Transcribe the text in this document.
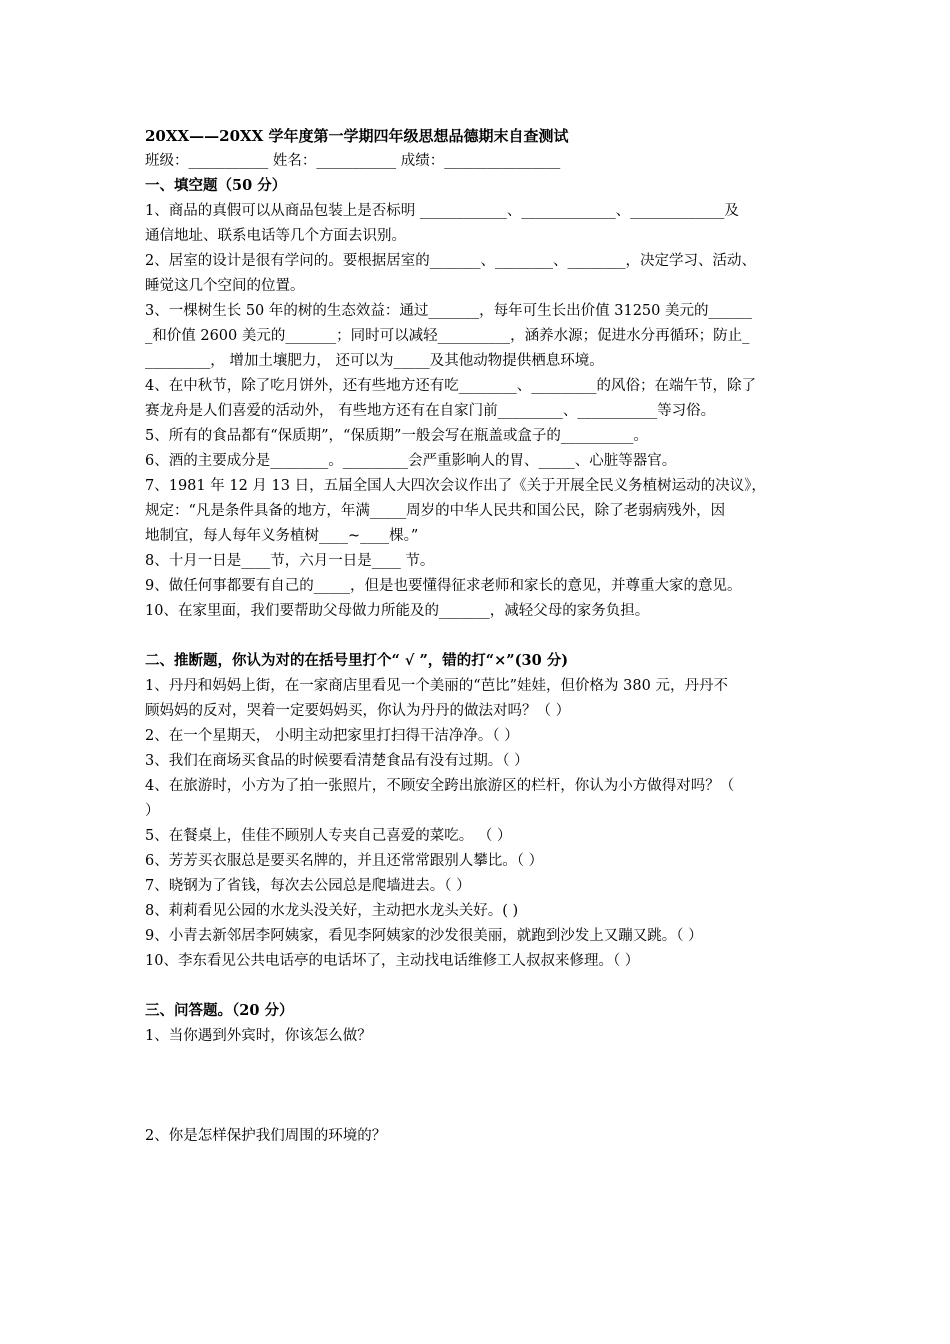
20XX——20XX 学年度第一学期四年级思想品德期末自查测试
班级：___________ 姓名：___________ 成绩：________________
一、填空题（50 分）
1、商品的真假可以从商品包装上是否标明 ____________、_____________、_____________及
通信地址、联系电话等几个方面去识别。
2、居室的设计是很有学问的。要根据居室的_______、________、________，决定学习、活动、
睡觉这几个空间的位置。
3、一棵树生长 50 年的树的生态效益：通过_______，每年可生长出价值 31250 美元的______
_和价值 2600 美元的_______；同时可以减轻__________，涵养水源；促进水分再循环；防止_
_________， 增加土壤肥力， 还可以为_____及其他动物提供栖息环境。
4、在中秋节，除了吃月饼外，还有些地方还有吃________、_________的风俗；在端午节，除了
赛龙舟是人们喜爱的活动外， 有些地方还有在自家门前_________、___________等习俗。
5、所有的食品都有“保质期”，“保质期”一般会写在瓶盖或盒子的__________。
6、酒的主要成分是________。_________会严重影响人的胃、_____、心脏等器官。
7、1981 年 12 月 13 日，五届全国人大四次会议作出了《关于开展全民义务植树运动的决议》，
规定：“凡是条件具备的地方，年满_____周岁的中华人民共和国公民，除了老弱病残外，因
地制宜，每人每年义务植树____~____棵。”
8、十月一日是____节，六月一日是____ 节。
9、做任何事都要有自己的_____，但是也要懂得征求老师和家长的意见，并尊重大家的意见。
10、在家里面，我们要帮助父母做力所能及的_______，减轻父母的家务负担。
二、推断题，你认为对的在括号里打个“ √ ”，错的打“×”(30 分)
1、丹丹和妈妈上街，在一家商店里看见一个美丽的“芭比”娃娃，但价格为 380 元，丹丹不
顾妈妈的反对，哭着一定要妈妈买，你认为丹丹的做法对吗？（ ）
2、在一个星期天， 小明主动把家里打扫得干洁净净。（ ）
3、我们在商场买食品的时候要看清楚食品有没有过期。（ ）
4、在旅游时，小方为了拍一张照片，不顾安全跨出旅游区的栏杆，你认为小方做得对吗？（
）
5、在餐桌上，佳佳不顾别人专夹自己喜爱的菜吃。 （ ）
6、芳芳买衣服总是要买名牌的，并且还常常跟别人攀比。（ ）
7、晓钢为了省钱，每次去公园总是爬墙进去。（ ）
8、莉莉看见公园的水龙头没关好，主动把水龙头关好。( )
9、小青去新邻居李阿姨家，看见李阿姨家的沙发很美丽，就跑到沙发上又蹦又跳。（ ）
10、李东看见公共电话亭的电话坏了，主动找电话维修工人叔叔来修理。（ ）
三、问答题。（20 分）
1、当你遇到外宾时，你该怎么做？
2、你是怎样保护我们周围的环境的？
